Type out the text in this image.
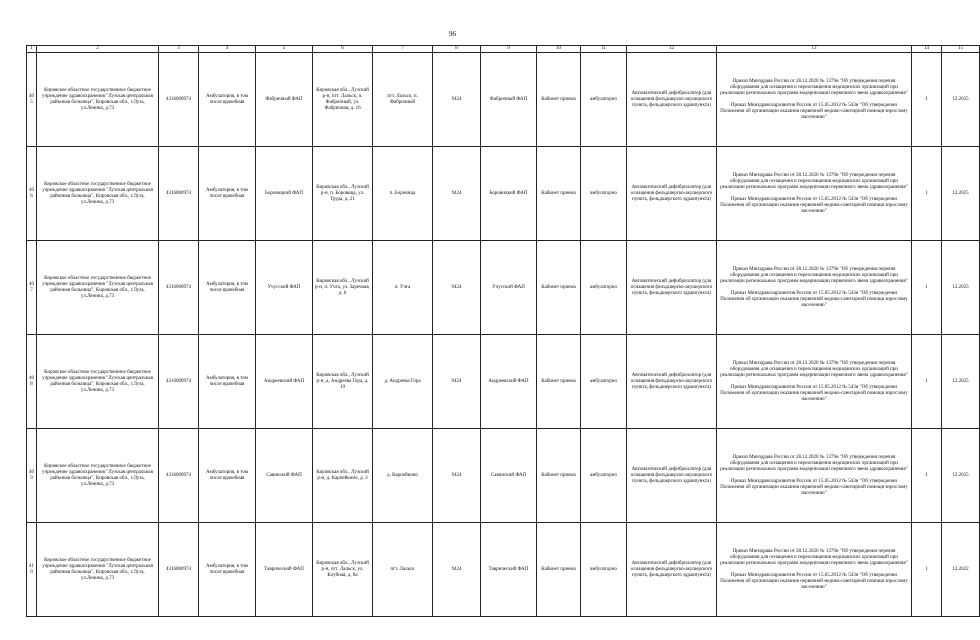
96
1	2	3	4	5	6	7	8	9	10	11	12	13	14	15
405	Кировское областное государственное бюджетное учреждение здравоохранения "Лузская центральная районная больница", Кировская обл., г.Луза, ул.Ленина, д.73	4316000974	Амбулатория, в том числе врачебная	Фабричный ФАП	Кировская обл., Лузский р-н, пгт. Лальск, п. Фабричный, ул. Фабричная, д. 16	пгт. Лальск, п. Фабричный	9424	Фабричный ФАП	Кабинет приема	амбулаторно	Автоматический дефибриллятор (для оснащения фельдшерско-акушерского пункта, фельдшерского здравпункта)	Приказ Минздрава России от 28.12.2020 № 1379н "Об утверждении перечня оборудования для оснащения и переоснащения медицинских организаций при реализации региональных программ модернизации первичного звена здравоохранения"
Приказ Минздравсоцразвития России от 15.05.2012 № 543н "Об утверждении Положения об организации оказания первичной медико-санитарной помощи взрослому населению"	1	12.2025
406	Кировское областное государственное бюджетное учреждение здравоохранения "Лузская центральная районная больница", Кировская обл., г.Луза, ул.Ленина, д.73	4316000974	Амбулатория, в том числе врачебная	Боровицкий ФАП	Кировская обл., Лузский р-н, п. Боровица, ул. Труда, д. 21	п. Боровица	9424	Боровицкий ФАП	Кабинет приема	амбулаторно	Автоматический дефибриллятор (для оснащения фельдшерско-акушерского пункта, фельдшерского здравпункта)	Приказ Минздрава России от 28.12.2020 № 1379н "Об утверждении перечня оборудования для оснащения и переоснащения медицинских организаций при реализации региональных программ модернизации первичного звена здравоохранения"
Приказ Минздравсоцразвития России от 15.05.2012 № 543н "Об утверждении Положения об организации оказания первичной медико-санитарной помощи взрослому населению"	1	12.2025
407	Кировское областное государственное бюджетное учреждение здравоохранения "Лузская центральная районная больница", Кировская обл., г.Луза, ул.Ленина, д.73	4316000974	Амбулатория, в том числе врачебная	Учугский ФАП	Кировская обл., Лузский р-н, п. Учга, ул. Заречная, д. 6	п. Учга	9424	Учугский ФАП	Кабинет приема	амбулаторно	Автоматический дефибриллятор (для оснащения фельдшерско-акушерского пункта, фельдшерского здравпункта)	Приказ Минздрава России от 28.12.2020 № 1379н "Об утверждении перечня оборудования для оснащения и переоснащения медицинских организаций при реализации региональных программ модернизации первичного звена здравоохранения"
Приказ Минздравсоцразвития России от 15.05.2012 № 543н "Об утверждении Положения об организации оказания первичной медико-санитарной помощи взрослому населению"	1	12.2025
408	Кировское областное государственное бюджетное учреждение здравоохранения "Лузская центральная районная больница", Кировская обл., г.Луза, ул.Ленина, д.73	4316000974	Амбулатория, в том числе врачебная	Андреевский ФАП	Кировская обл., Лузский р-н, д. Андреева Гора, д. 19	д. Андреева Гора	9424	Андреевский ФАП	Кабинет приема	амбулаторно	Автоматический дефибриллятор (для оснащения фельдшерско-акушерского пункта, фельдшерского здравпункта)	Приказ Минздрава России от 28.12.2020 № 1379н "Об утверждении перечня оборудования для оснащения и переоснащения медицинских организаций при реализации региональных программ модернизации первичного звена здравоохранения"
Приказ Минздравсоцразвития России от 15.05.2012 № 543н "Об утверждении Положения об организации оказания первичной медико-санитарной помощи взрослому населению"	1	12.2025
409	Кировское областное государственное бюджетное учреждение здравоохранения "Лузская центральная районная больница", Кировская обл., г.Луза, ул.Ленина, д.73	4316000974	Амбулатория, в том числе врачебная	Савинский ФАП	Кировская обл., Лузский р-н, д. Карпейкино, д. 3	д. Карпейкино	9424	Савинский ФАП	Кабинет приема	амбулаторно	Автоматический дефибриллятор (для оснащения фельдшерско-акушерского пункта, фельдшерского здравпункта)	Приказ Минздрава России от 28.12.2020 № 1379н "Об утверждении перечня оборудования для оснащения и переоснащения медицинских организаций при реализации региональных программ модернизации первичного звена здравоохранения"
Приказ Минздравсоцразвития России от 15.05.2012 № 543н "Об утверждении Положения об организации оказания первичной медико-санитарной помощи взрослому населению"	1	12.2025
410	Кировское областное государственное бюджетное учреждение здравоохранения "Лузская центральная районная больница", Кировская обл., г.Луза, ул.Ленина, д.73	4316000974	Амбулатория, в том числе врачебная	Таврический ФАП	Кировская обл., Лузский р-н, пгт. Лальск, ул. Клубная, д. 8а	пгт. Лальск	9424	Таврический ФАП	Кабинет приема	амбулаторно	Автоматический дефибриллятор (для оснащения фельдшерско-акушерского пункта, фельдшерского здравпункта)	Приказ Минздрава России от 28.12.2020 № 1379н "Об утверждении перечня оборудования для оснащения и переоснащения медицинских организаций при реализации региональных программ модернизации первичного звена здравоохранения"
Приказ Минздравсоцразвития России от 15.05.2012 № 543н "Об утверждении Положения об организации оказания первичной медико-санитарной помощи взрослому населению"	1	12.2022
